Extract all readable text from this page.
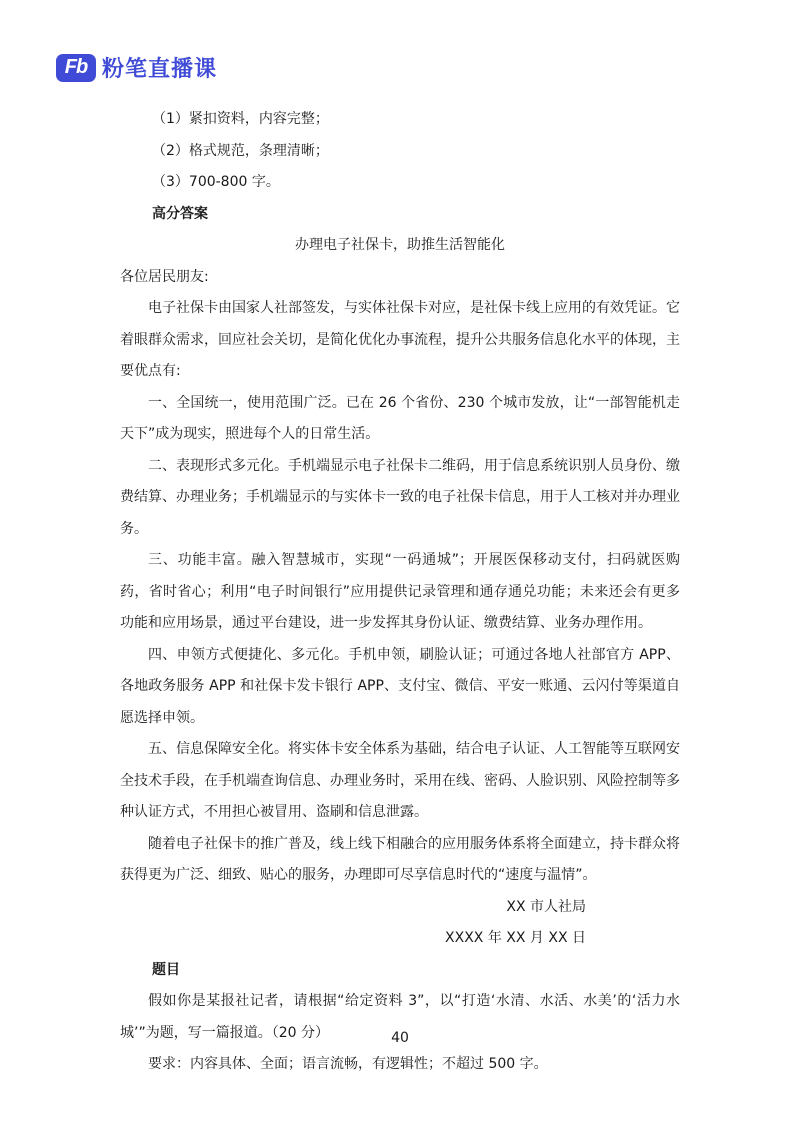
Fb 粉笔直播课
（1）紧扣资料，内容完整；
（2）格式规范，条理清晰；
（3）700-800 字。
高分答案
办理电子社保卡，助推生活智能化
各位居民朋友:

电子社保卡由国家人社部签发，与实体社保卡对应，是社保卡线上应用的有效凭证。它着眼群众需求，回应社会关切，是简化优化办事流程，提升公共服务信息化水平的体现，主要优点有:

一、全国统一，使用范围广泛。已在 26 个省份、230 个城市发放，让“一部智能机走天下”成为现实，照进每个人的日常生活。

二、表现形式多元化。手机端显示电子社保卡二维码，用于信息系统识别人员身份、缴费结算、办理业务；手机端显示的与实体卡一致的电子社保卡信息，用于人工核对并办理业务。

三、功能丰富。融入智慧城市，实现“一码通城”；开展医保移动支付，扫码就医购药，省时省心；利用“电子时间银行”应用提供记录管理和通存通兑功能；未来还会有更多功能和应用场景，通过平台建设，进一步发挥其身份认证、缴费结算、业务办理作用。

四、申领方式便捷化、多元化。手机申领，刷脸认证；可通过各地人社部官方 APP、各地政务服务 APP 和社保卡发卡银行 APP、支付宝、微信、平安一账通、云闪付等渠道自愿选择申领。

五、信息保障安全化。将实体卡安全体系为基础，结合电子认证、人工智能等互联网安全技术手段，在手机端查询信息、办理业务时，采用在线、密码、人脸识别、风险控制等多种认证方式，不用担心被冒用、盗刷和信息泄露。

随着电子社保卡的推广普及，线上线下相融合的应用服务体系将全面建立，持卡群众将获得更为广泛、细致、贴心的服务，办理即可尽享信息时代的“速度与温情”。

XX 市人社局
XXXX 年 XX 月 XX 日
题目

假如你是某报社记者，请根据“给定资料 3”，以“打造‘水清、水活、水美’的‘活力水城’”为题，写一篇报道。（20 分）

要求：内容具体、全面；语言流畅，有逻辑性；不超过 500 字。

40
